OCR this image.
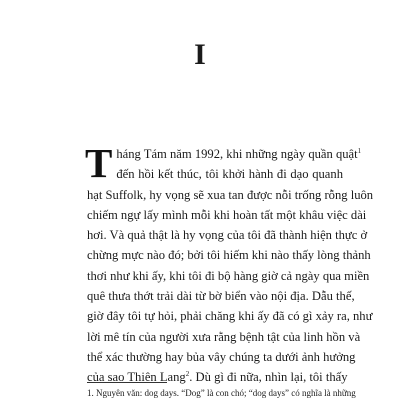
I
T háng Tám năm 1992, khi những ngày quần quật$^1$
đến hồi kết thúc, tôi khởi hành đi dạo quanh
hạt Suffolk, hy vọng sẽ xua tan được nỗi trống rỗng luôn
chiếm ngự lấy mình mỗi khi hoàn tất một khâu việc dài
hơi. Và quả thật là hy vọng của tôi đã thành hiện thực ở
chừng mực nào đó; bởi tôi hiếm khi nào thấy lòng thảnh
thơi như khi ấy, khi tôi đi bộ hàng giờ cả ngày qua miền
quê thưa thớt trải dài từ bờ biển vào nội địa. Dẫu thế,
giờ đây tôi tự hỏi, phải chăng khi ấy đã có gì xảy ra, như
lời mê tín của người xưa rằng bệnh tật của linh hồn và
thể xác thường hay bủa vây chúng ta dưới ảnh hưởng
của sao Thiên Lang$^2$. Dù gì đi nữa, nhìn lại, tôi thấy

1. Nguyên văn: dog days. “Dog” là con chó; “dog days” có nghĩa là những
